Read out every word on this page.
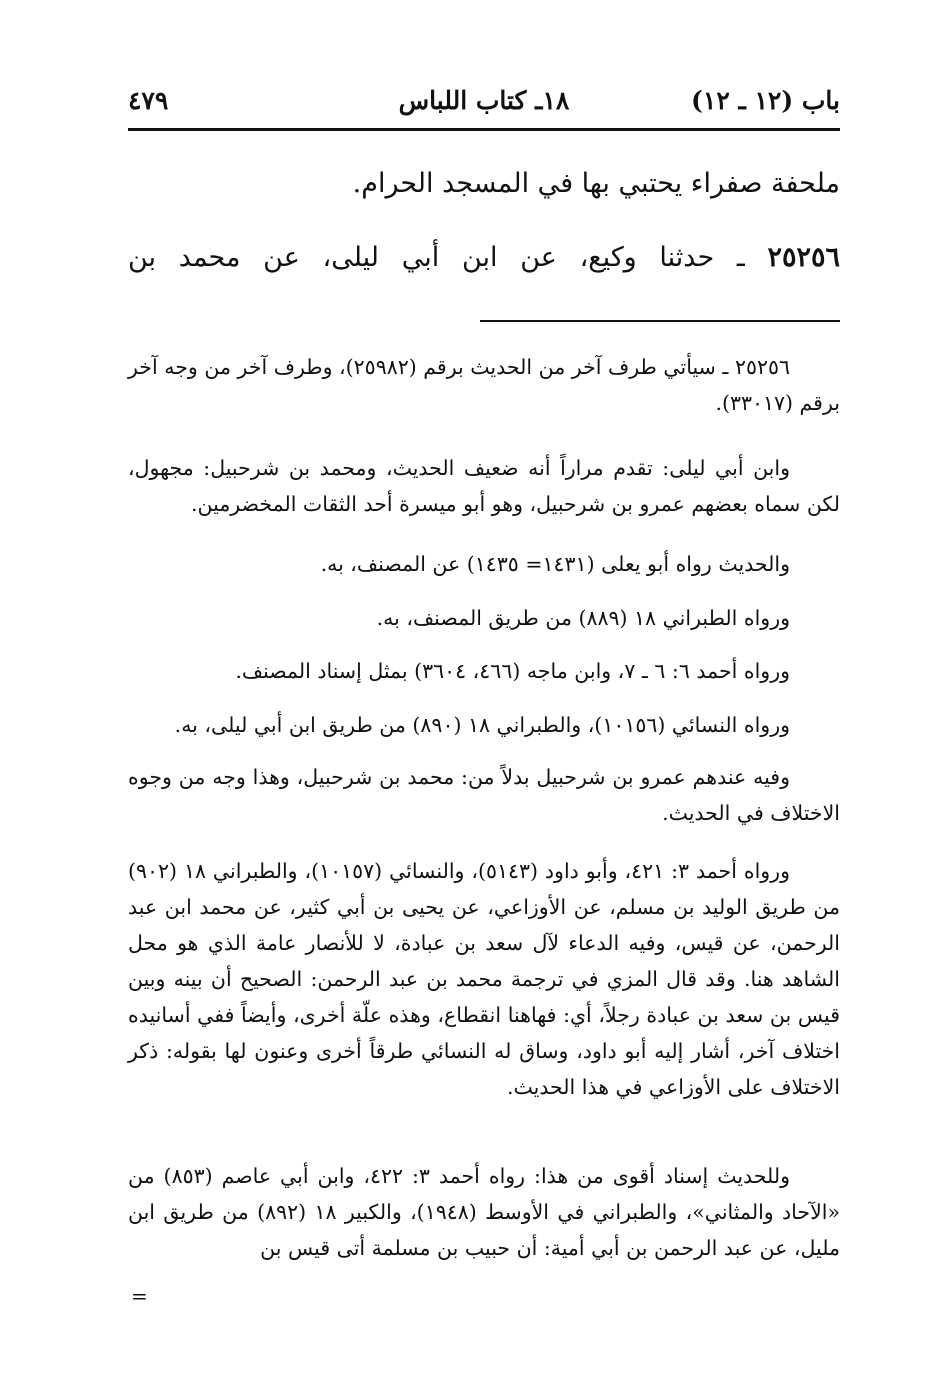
باب (١٢ ـ ١٢)
١٨ـ كتاب اللباس
٤٧٩
ملحفة صفراء يحتبي بها في المسجد الحرام.
٢٥٢٥٦ ـ حدثنا وكيع، عن ابن أبي ليلى، عن محمد بن
٢٥٢٥٦ ـ سيأتي طرف آخر من الحديث برقم (٢٥٩٨٢)، وطرف آخر من وجه آخر برقم (٣٣٠١٧).
وابن أبي ليلى: تقدم مراراً أنه ضعيف الحديث، ومحمد بن شرحبيل: مجهول، لكن سماه بعضهم عمرو بن شرحبيل، وهو أبو ميسرة أحد الثقات المخضرمين.
والحديث رواه أبو يعلى (١٤٣١= ١٤٣٥) عن المصنف، به.
ورواه الطبراني ١٨ (٨٨٩) من طريق المصنف، به.
ورواه أحمد ٦: ٦ ـ ٧، وابن ماجه (٤٦٦، ٣٦٠٤) بمثل إسناد المصنف.
ورواه النسائي (١٠١٥٦)، والطبراني ١٨ (٨٩٠) من طريق ابن أبي ليلى، به.
وفيه عندهم عمرو بن شرحبيل بدلاً من: محمد بن شرحبيل، وهذا وجه من وجوه الاختلاف في الحديث.
ورواه أحمد ٣: ٤٢١، وأبو داود (٥١٤٣)، والنسائي (١٠١٥٧)، والطبراني ١٨ (٩٠٢) من طريق الوليد بن مسلم، عن الأوزاعي، عن يحيى بن أبي كثير، عن محمد ابن عبد الرحمن، عن قيس، وفيه الدعاء لآل سعد بن عبادة، لا للأنصار عامة الذي هو محل الشاهد هنا. وقد قال المزي في ترجمة محمد بن عبد الرحمن: الصحيح أن بينه وبين قيس بن سعد بن عبادة رجلاً، أي: فهاهنا انقطاع، وهذه علّة أخرى، وأيضاً ففي أسانيده اختلاف آخر، أشار إليه أبو داود، وساق له النسائي طرقاً أخرى وعنون لها بقوله: ذكر الاختلاف على الأوزاعي في هذا الحديث.
وللحديث إسناد أقوى من هذا: رواه أحمد ٣: ٤٢٢، وابن أبي عاصم (٨٥٣) من «الآحاد والمثاني»، والطبراني في الأوسط (١٩٤٨)، والكبير ١٨ (٨٩٢) من طريق ابن مليل، عن عبد الرحمن بن أبي أمية: أن حبيب بن مسلمة أتى قيس بن
=
